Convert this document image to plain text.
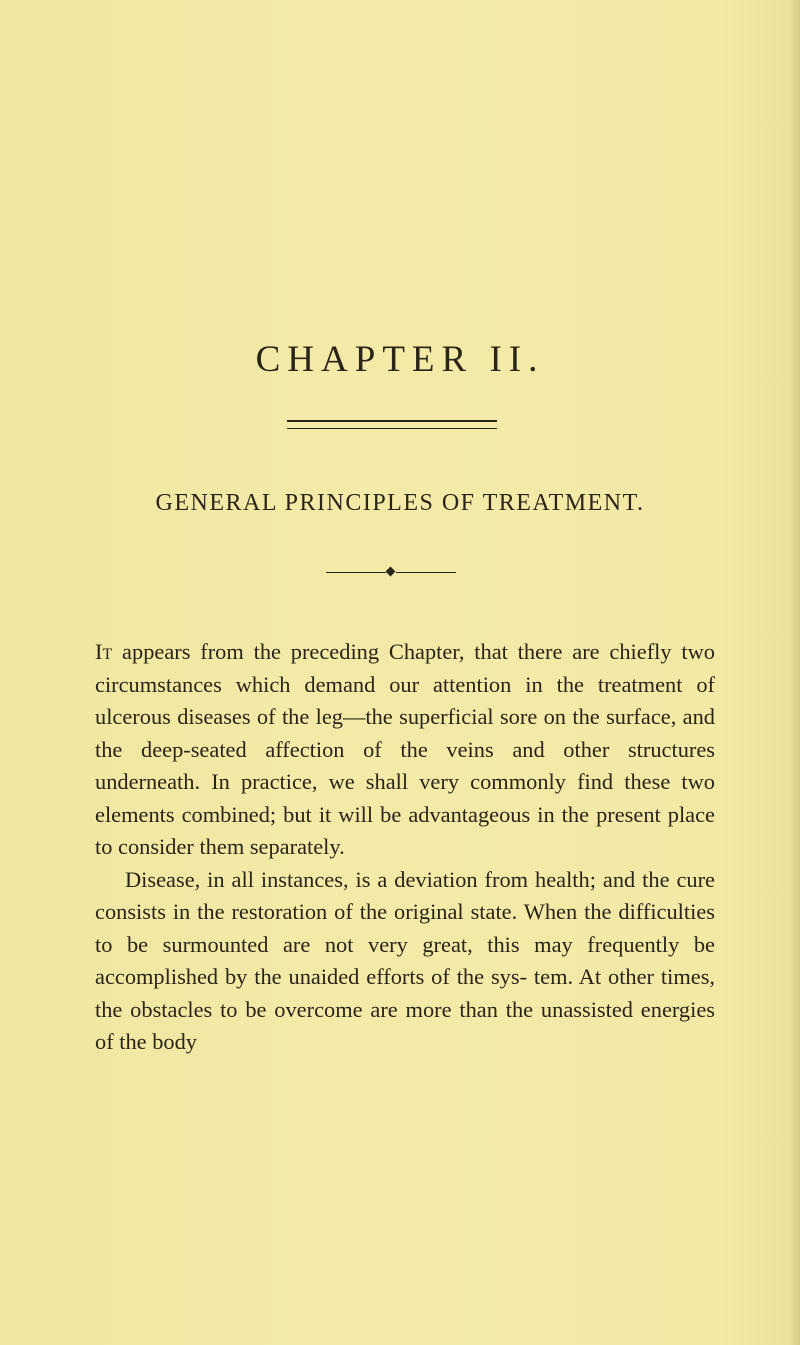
CHAPTER II.
GENERAL PRINCIPLES OF TREATMENT.

It appears from the preceding Chapter, that there are chiefly two circumstances which demand our attention in the treatment of ulcerous diseases of the leg—the superficial sore on the surface, and the deep-seated affection of the veins and other structures underneath. In practice, we shall very commonly find these two elements combined; but it will be advantageous in the present place to consider them separately.

Disease, in all instances, is a deviation from health; and the cure consists in the restoration of the original state. When the difficulties to be surmounted are not very great, this may frequently be accomplished by the unaided efforts of the sys- tem. At other times, the obstacles to be overcome are more than the unassisted energies of the body
